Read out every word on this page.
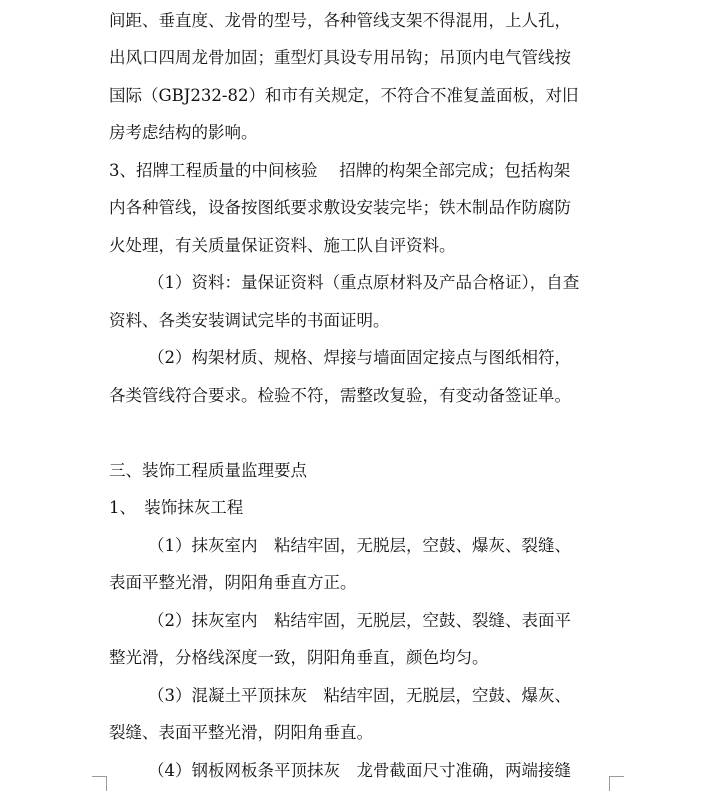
间距、垂直度、龙骨的型号，各种管线支架不得混用，上人孔，
出风口四周龙骨加固；重型灯具设专用吊钩；吊顶内电气管线按
国际（GBJ232-82）和市有关规定，不符合不准复盖面板，对旧
房考虑结构的影响。
3、招牌工程质量的中间核验　 招牌的构架全部完成；包括构架
内各种管线，设备按图纸要求敷设安装完毕；铁木制品作防腐防
火处理，有关质量保证资料、施工队自评资料。
（1）资料：量保证资料（重点原材料及产品合格证），自查
资料、各类安装调试完毕的书面证明。
（2）构架材质、规格、焊接与墙面固定接点与图纸相符，
各类管线符合要求。检验不符，需整改复验，有变动备签证单。
三、装饰工程质量监理要点
1、　装饰抹灰工程
（1）抹灰室内　粘结牢固，无脱层，空鼓、爆灰、裂缝、
表面平整光滑，阴阳角垂直方正。
（2）抹灰室内　粘结牢固，无脱层，空鼓、裂缝、表面平
整光滑，分格线深度一致，阴阳角垂直，颜色均匀。
（3）混凝土平顶抹灰　粘结牢固，无脱层，空鼓、爆灰、
裂缝、表面平整光滑，阴阳角垂直。
（4）钢板网板条平顶抹灰　龙骨截面尺寸准确，两端接缝
